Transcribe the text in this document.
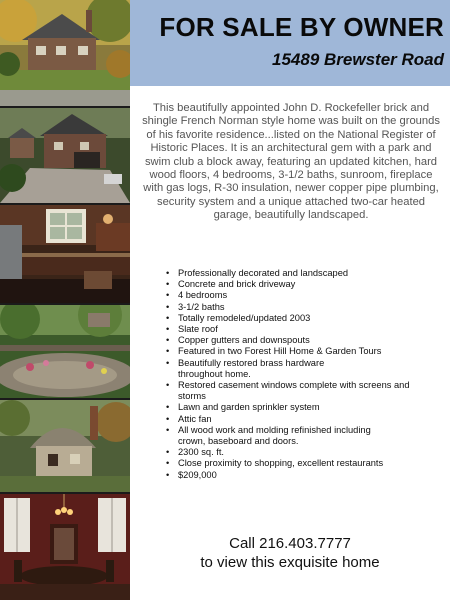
FOR SALE BY OWNER
15489 Brewster Road
This beautifully appointed John D. Rockefeller brick and shingle French Norman style home was built on the grounds of his favorite residence...listed on the National Register of Historic Places. It is an architectural gem with a park and swim club a block away, featuring an updated kitchen, hard wood floors, 4 bedrooms, 3-1/2 baths, sunroom, fireplace with gas logs, R-30 insulation, newer copper pipe plumbing, security system and a unique attached two-car heated garage, beautifully landscaped.
• Professionally decorated and landscaped
• Concrete and brick driveway
• 4 bedrooms
• 3-1/2 baths
• Totally remodeled/updated 2003
• Slate roof
• Copper gutters and downspouts
• Featured in two Forest Hill Home & Garden Tours
• Beautifully restored brass hardware throughout home.
• Restored casement windows complete with screens and storms
• Lawn and garden sprinkler system
• Attic fan
• All wood work and molding refinished including crown, baseboard and doors.
• 2300 sq. ft.
• Close proximity to shopping, excellent restaurants
• $209,000
Call 216.403.7777
to view this exquisite home
